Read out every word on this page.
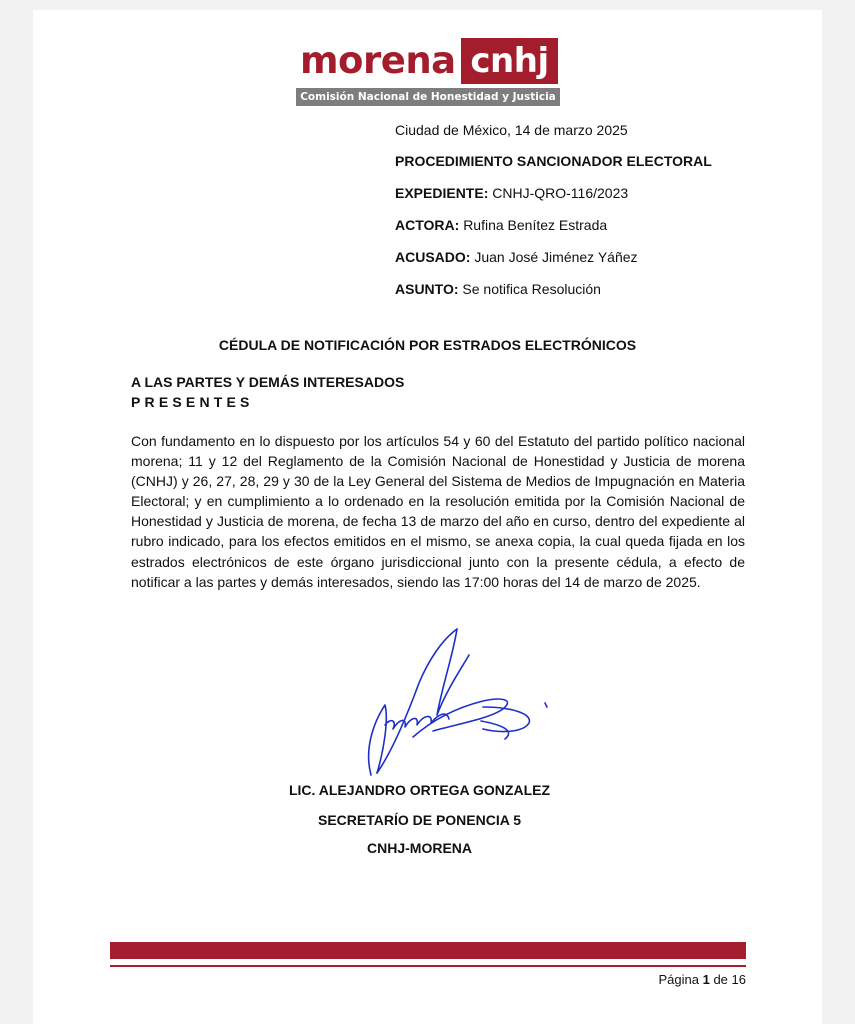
morena cnhj
Comisión Nacional de Honestidad y Justicia
Ciudad de México, 14 de marzo 2025
PROCEDIMIENTO SANCIONADOR ELECTORAL
EXPEDIENTE: CNHJ-QRO-116/2023
ACTORA: Rufina Benítez Estrada
ACUSADO: Juan José Jiménez Yáñez
ASUNTO: Se notifica Resolución
CÉDULA DE NOTIFICACIÓN POR ESTRADOS ELECTRÓNICOS
A LAS PARTES Y DEMÁS INTERESADOS
PRESENTES
Con fundamento en lo dispuesto por los artículos 54 y 60 del Estatuto del partido político nacional morena; 11 y 12 del Reglamento de la Comisión Nacional de Honestidad y Justicia de morena (CNHJ) y 26, 27, 28, 29 y 30 de la Ley General del Sistema de Medios de Impugnación en Materia Electoral; y en cumplimiento a lo ordenado en la resolución emitida por la Comisión Nacional de Honestidad y Justicia de morena, de fecha 13 de marzo del año en curso, dentro del expediente al rubro indicado, para los efectos emitidos en el mismo, se anexa copia, la cual queda fijada en los estrados electrónicos de este órgano jurisdiccional junto con la presente cédula, a efecto de notificar a las partes y demás interesados, siendo las 17:00 horas del 14 de marzo de 2025.
LIC. ALEJANDRO ORTEGA GONZALEZ
SECRETARÍO DE PONENCIA 5
CNHJ-MORENA
Página 1 de 16
